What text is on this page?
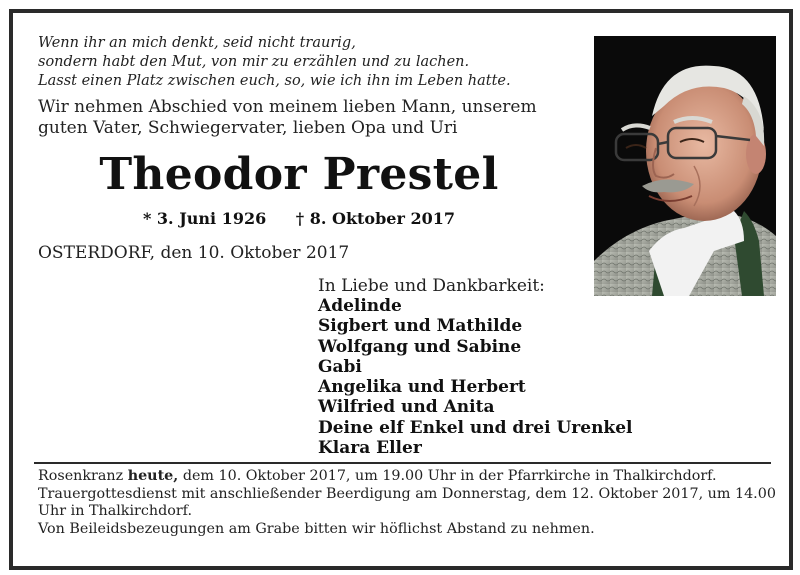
Wenn ihr an mich denkt, seid nicht traurig,
sondern habt den Mut, von mir zu erzählen und zu lachen.
Lasst einen Platz zwischen euch, so, wie ich ihn im Leben hatte.
Wir nehmen Abschied von meinem lieben Mann, unserem guten Vater, Schwiegervater, lieben Opa und Uri
Theodor Prestel
* 3. Juni 1926 † 8. Oktober 2017
OSTERDORF, den 10. Oktober 2017
In Liebe und Dankbarkeit:
Adelinde
Sigbert und Mathilde
Wolfgang und Sabine
Gabi
Angelika und Herbert
Wilfried und Anita
Deine elf Enkel und drei Urenkel
Klara Eller

Rosenkranz heute, dem 10. Oktober 2017, um 19.00 Uhr in der Pfarrkirche in Thalkirchdorf.

Trauergottesdienst mit anschließender Beerdigung am Donnerstag, dem 12. Oktober 2017, um 14.00 Uhr in Thalkirchdorf.

Von Beileidsbezeugungen am Grabe bitten wir höflichst Abstand zu nehmen.
